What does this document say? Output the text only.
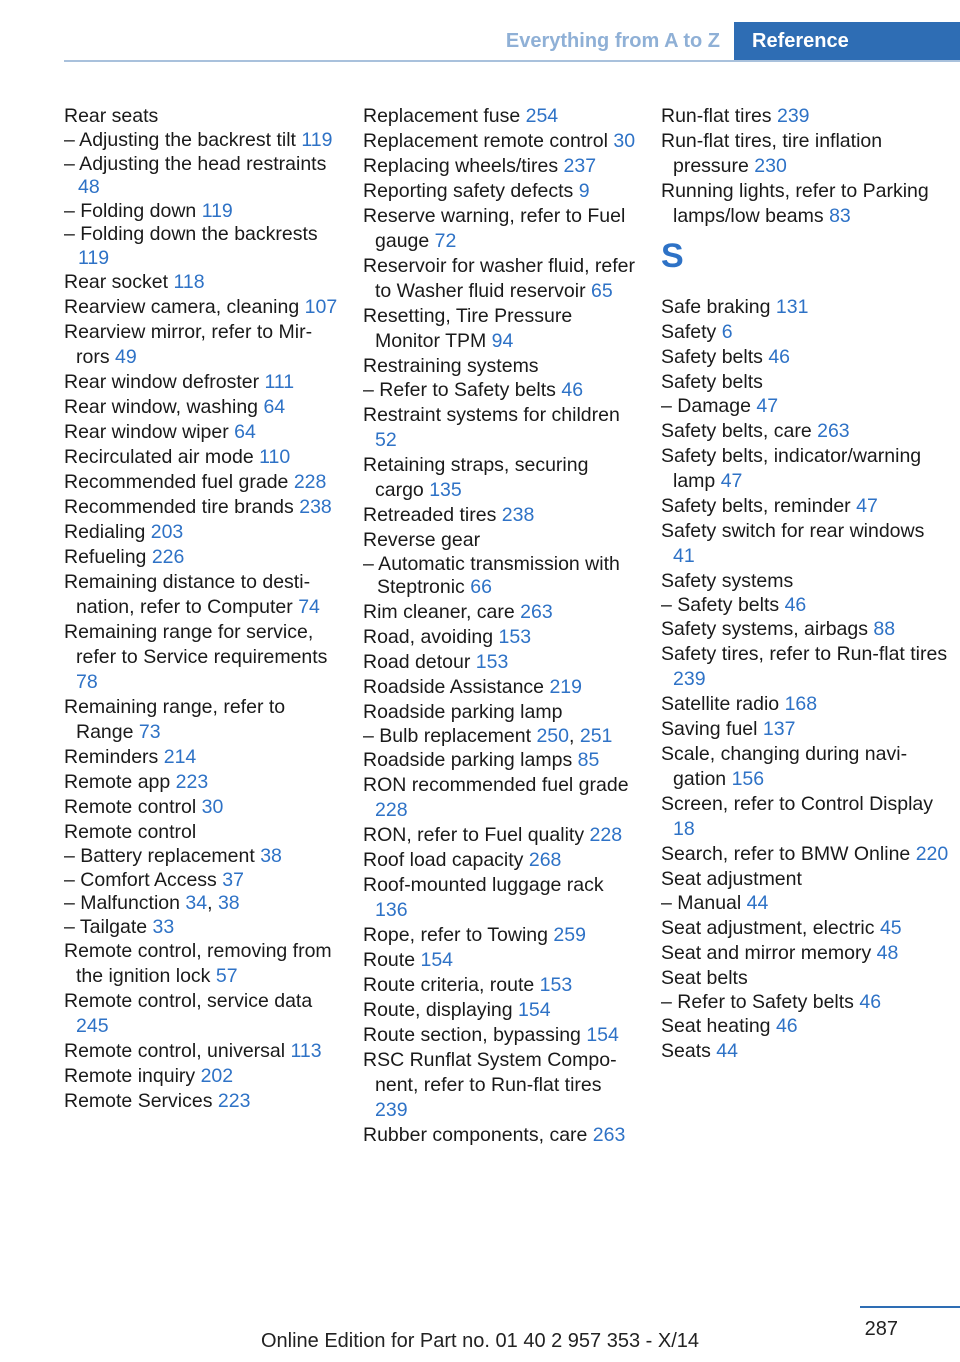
Everything from A to Z	Reference
Rear seats
– Adjusting the backrest tilt 119
– Adjusting the head restraints 48
– Folding down 119
– Folding down the backrests 119
Rear socket 118
Rearview camera, cleaning 107
Rearview mirror, refer to Mirrors 49
Rear window defroster 111
Rear window, washing 64
Rear window wiper 64
Recirculated air mode 110
Recommended fuel grade 228
Recommended tire brands 238
Redialing 203
Refueling 226
Remaining distance to destination, refer to Computer 74
Remaining range for service, refer to Service requirements 78
Remaining range, refer to Range 73
Reminders 214
Remote app 223
Remote control 30
Remote control
– Battery replacement 38
– Comfort Access 37
– Malfunction 34, 38
– Tailgate 33
Remote control, removing from the ignition lock 57
Remote control, service data 245
Remote control, universal 113
Remote inquiry 202
Remote Services 223
Replacement fuse 254
Replacement remote control 30
Replacing wheels/tires 237
Reporting safety defects 9
Reserve warning, refer to Fuel gauge 72
Reservoir for washer fluid, refer to Washer fluid reservoir 65
Resetting, Tire Pressure Monitor TPM 94
Restraining systems
– Refer to Safety belts 46
Restraint systems for children 52
Retaining straps, securing cargo 135
Retreaded tires 238
Reverse gear
– Automatic transmission with Steptronic 66
Rim cleaner, care 263
Road, avoiding 153
Road detour 153
Roadside Assistance 219
Roadside parking lamp
– Bulb replacement 250, 251
Roadside parking lamps 85
RON recommended fuel grade 228
RON, refer to Fuel quality 228
Roof load capacity 268
Roof-mounted luggage rack 136
Rope, refer to Towing 259
Route 154
Route criteria, route 153
Route, displaying 154
Route section, bypassing 154
RSC Runflat System Component, refer to Run-flat tires 239
Rubber components, care 263
Run-flat tires 239
Run-flat tires, tire inflation pressure 230
Running lights, refer to Parking lamps/low beams 83
S
Safe braking 131
Safety 6
Safety belts 46
Safety belts
– Damage 47
Safety belts, care 263
Safety belts, indicator/warning lamp 47
Safety belts, reminder 47
Safety switch for rear windows 41
Safety systems
– Safety belts 46
Safety systems, airbags 88
Safety tires, refer to Run-flat tires 239
Satellite radio 168
Saving fuel 137
Scale, changing during navigation 156
Screen, refer to Control Display 18
Search, refer to BMW Online 220
Seat adjustment
– Manual 44
Seat adjustment, electric 45
Seat and mirror memory 48
Seat belts
– Refer to Safety belts 46
Seat heating 46
Seats 44
287
Online Edition for Part no. 01 40 2 957 353 - X/14
